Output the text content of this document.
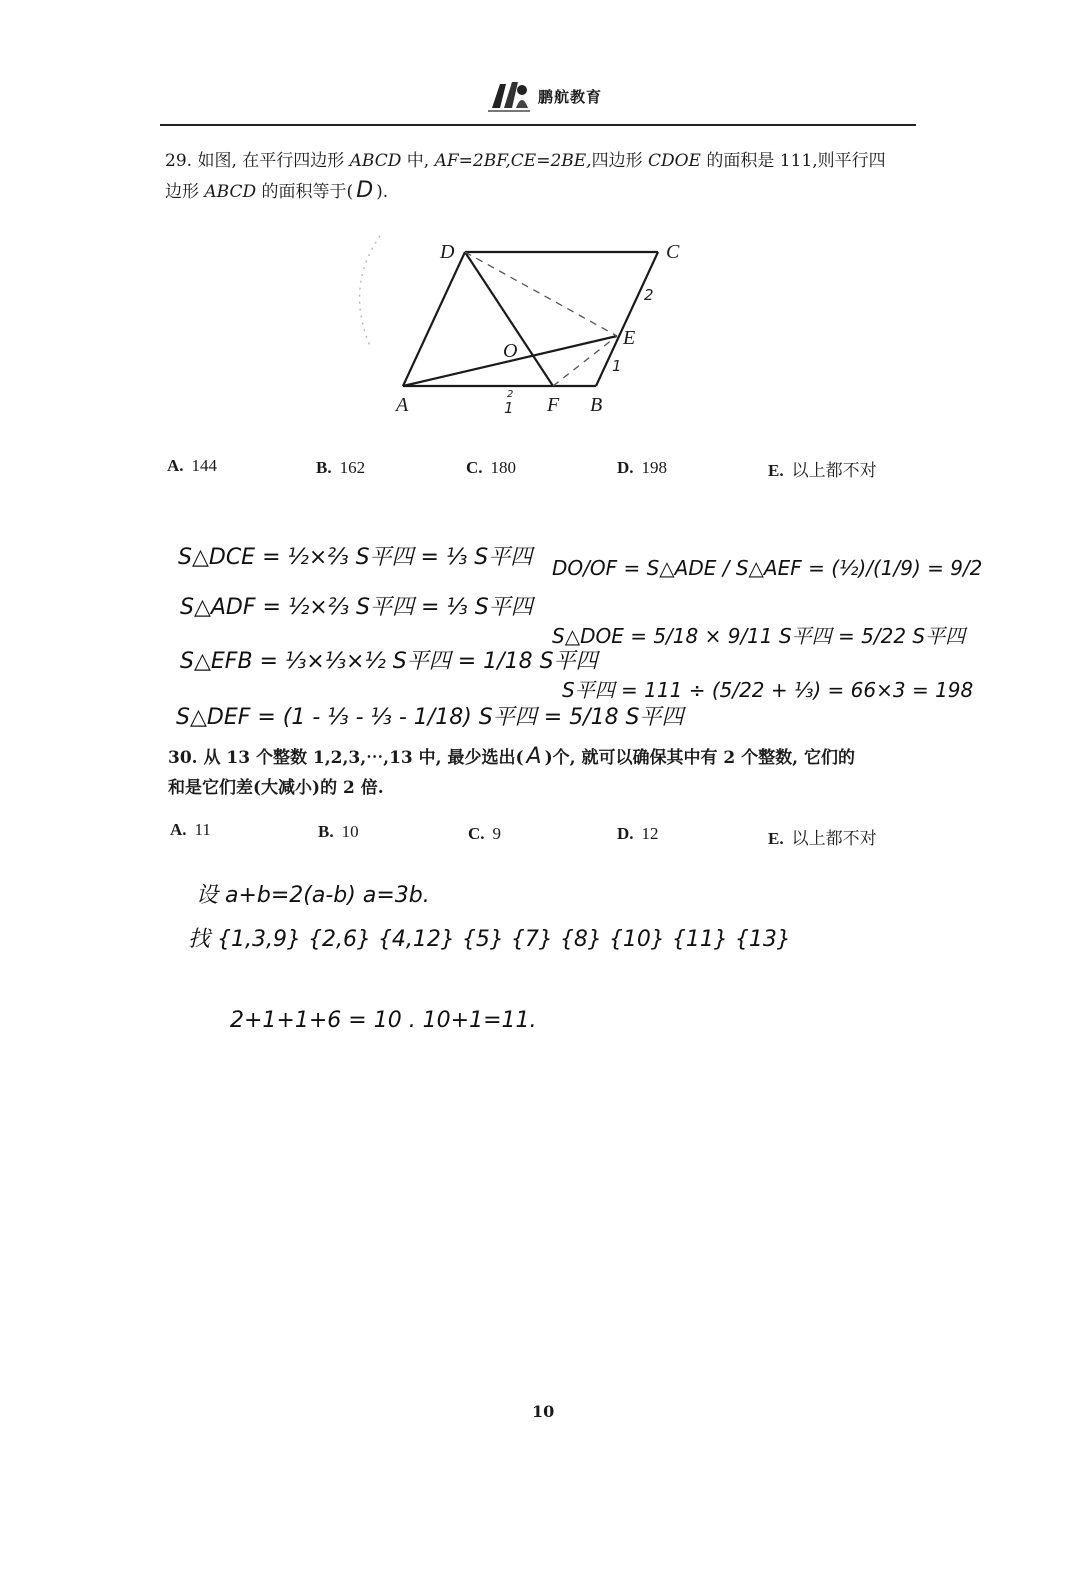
鹏航教育
29. 如图, 在平行四边形 ABCD 中, AF=2BF,CE=2BE,四边形 CDOE 的面积是 111,则平行四
边形 ABCD 的面积等于( D ).
D	C
E
O
A	F B
2
1
1
2
A. 144	B. 162	C. 180	D. 198	E. 以上都不对
S△DCE = ½×⅔ S平四 = ⅓ S平四
S△ADF = ½×⅔ S平四 = ⅓ S平四
S△EFB = ⅓×⅓×½ S平四 = 1/18 S平四
S△DEF = (1 - ⅓ - ⅓ - 1/18) S平四 = 5/18 S平四
DO/OF = S△ADE / S△AEF = (½)/(1/9) = 9/2
S△DOE = 5/18 × 9/11 S平四 = 5/22 S平四
S平四 = 111 ÷ (5/22 + ⅓) = 66×3 = 198
30. 从 13 个整数 1,2,3,⋯,13 中, 最少选出( A )个, 就可以确保其中有 2 个整数, 它们的
和是它们差(大减小)的 2 倍.
A. 11	B. 10	C. 9	D. 12	E. 以上都不对
设 a+b=2(a-b) a=3b.
找 {1,3,9} {2,6} {4,12} {5} {7} {8} {10} {11} {13}
2+1+1+6 = 10 . 10+1=11.
10
